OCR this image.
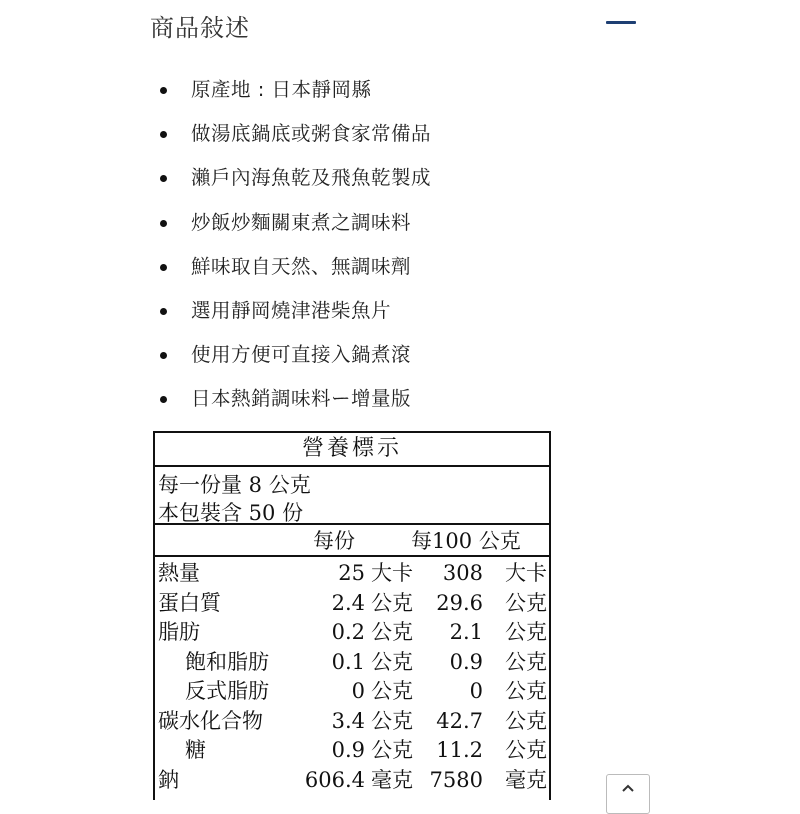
商品敍述
原產地 : 日本靜岡縣
做湯底鍋底或粥食家常備品
瀨戶內海魚乾及飛魚乾製成
炒飯炒麵關東煮之調味料
鮮味取自天然、無調味劑
選用靜岡燒津港柴魚片
使用方便可直接入鍋煮滾
日本熱銷調味料ー增量版
營養標示
每一份量 8 公克
本包裝含 50 份
每份	每100 公克
熱量	25 大卡 308 大卡
蛋白質	2.4 公克 29.6 公克
脂肪	0.2 公克 2.1 公克
飽和脂肪	0.1 公克 0.9 公克
反式脂肪	0 公克	0 公克
碳水化合物	3.4 公克 42.7 公克
糖	0.9 公克 11.2 公克
鈉	606.4 毫克 7580 毫克
